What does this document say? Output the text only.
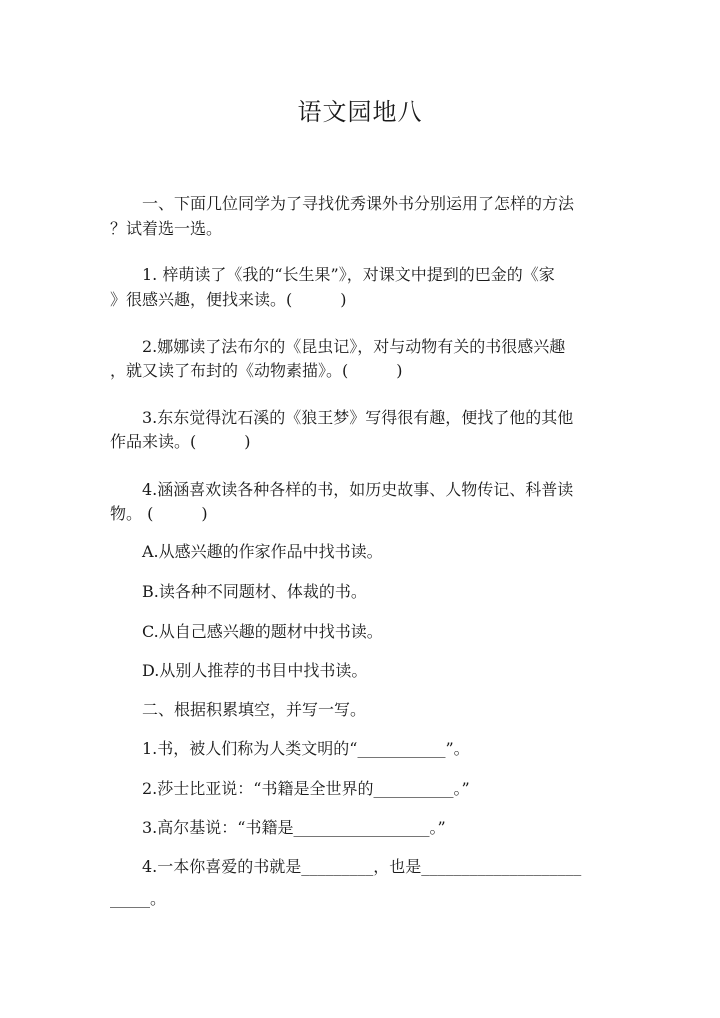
语文园地八
一、下面几位同学为了寻找优秀课外书分别运用了怎样的方法
？试着选一选。
1. 梓萌读了《我的“长生果”》，对课文中提到的巴金的《家
》很感兴趣，便找来读。(　　　)
2.娜娜读了法布尔的《昆虫记》，对与动物有关的书很感兴趣
，就又读了布封的《动物素描》。(　　　)
3.东东觉得沈石溪的《狼王梦》写得很有趣，便找了他的其他
作品来读。(　　　)
4.涵涵喜欢读各种各样的书，如历史故事、人物传记、科普读
物。 (　　　)
A.从感兴趣的作家作品中找书读。
B.读各种不同题材、体裁的书。
C.从自己感兴趣的题材中找书读。
D.从别人推荐的书目中找书读。
二、根据积累填空，并写一写。
1.书，被人们称为人类文明的“___________”。
2.莎士比亚说：“书籍是全世界的__________。”
3.高尔基说：“书籍是_________________。”
4.一本你喜爱的书就是_________，也是____________________
_____。
